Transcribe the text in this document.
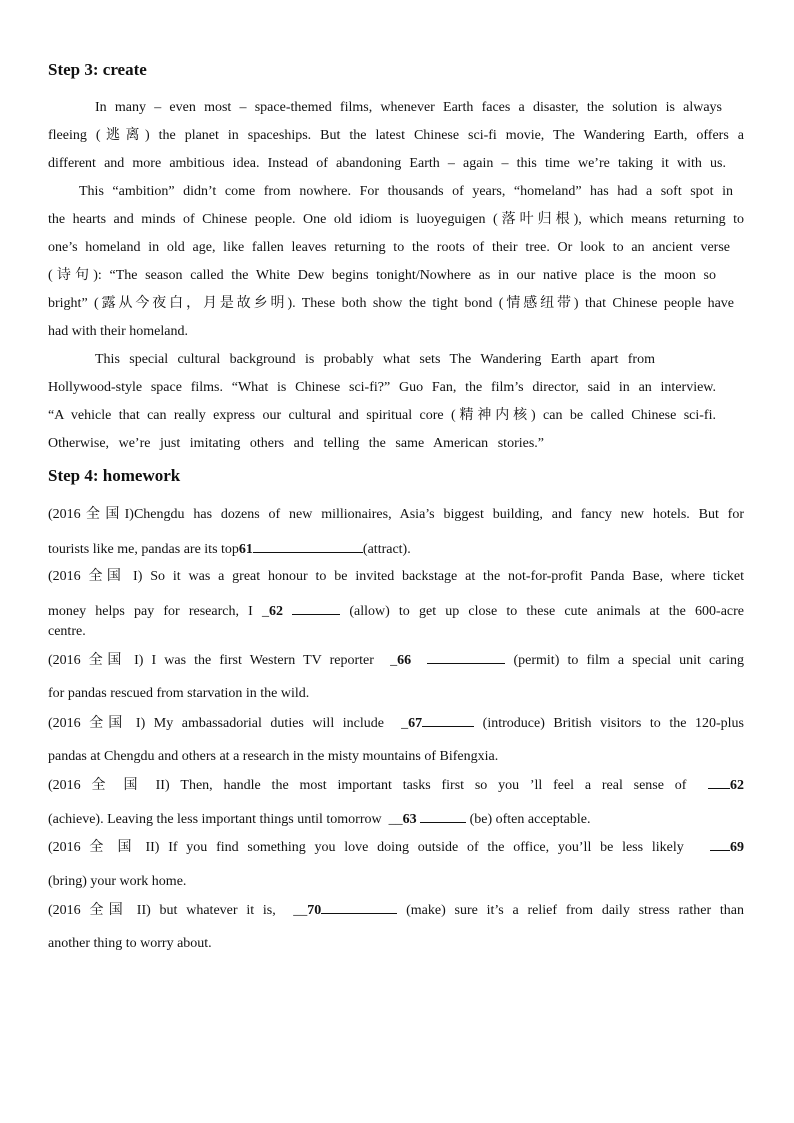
Step 3: create
In many – even most – space-themed films, whenever Earth faces a disaster, the solution is always
fleeing (逃离) the planet in spaceships. But the latest Chinese sci-fi movie, The Wandering Earth, offers a
different and more ambitious idea. Instead of abandoning Earth – again – this time we’re taking it with us.
This “ambition” didn’t come from nowhere. For thousands of years, “homeland” has had a soft spot in
the hearts and minds of Chinese people. One old idiom is luoyeguigen (落叶归根), which means returning to
one’s homeland in old age, like fallen leaves returning to the roots of their tree. Or look to an ancient verse
(诗句): “The season called the White Dew begins tonight/Nowhere as in our native place is the moon so
bright” (露从今夜白，月是故乡明). These both show the tight bond (情感纽带) that Chinese people have
had with their homeland.
This special cultural background is probably what sets The Wandering Earth apart from
Hollywood-style space films. “What is Chinese sci-fi?” Guo Fan, the film’s director, said in an interview.
“A vehicle that can really express our cultural and spiritual core (精神内核) can be called Chinese sci-fi.
Otherwise, we’re just imitating others and telling the same American stories.”
Step 4: homework
(2016全国I)Chengdu has dozens of new millionaires, Asia’s biggest building, and fancy new hotels. But for
tourists like me, pandas are its top61	(attract).
(2016 全国 I) So it was a great honour to be invited backstage at the not-for-profit Panda Base, where ticket
money helps pay for research, I _62	(allow) to get up close to these cute animals at the 600-acre
centre.
(2016 全国 I) I was the first Western TV reporter  _66	(permit) to film a special unit caring
for pandas rescued from starvation in the wild.
(2016 全国 I) My ambassadorial duties will include  _67	(introduce) British visitors to the 120-plus
pandas at Chengdu and others at a research in the misty mountains of Bifengxia.
(2016 全 国 II) Then, handle the most important tasks first so you ’ll feel a real sense of	62
(achieve). Leaving the less important things until tomorrow  __63	(be) often acceptable.
(2016 全 国 II) If you find something you love doing outside of the office, you’ll be less likely	69
(bring) your work home.
(2016 全国 II) but whatever it is,  __70	(make) sure it’s a relief from daily stress rather than
another thing to worry about.
